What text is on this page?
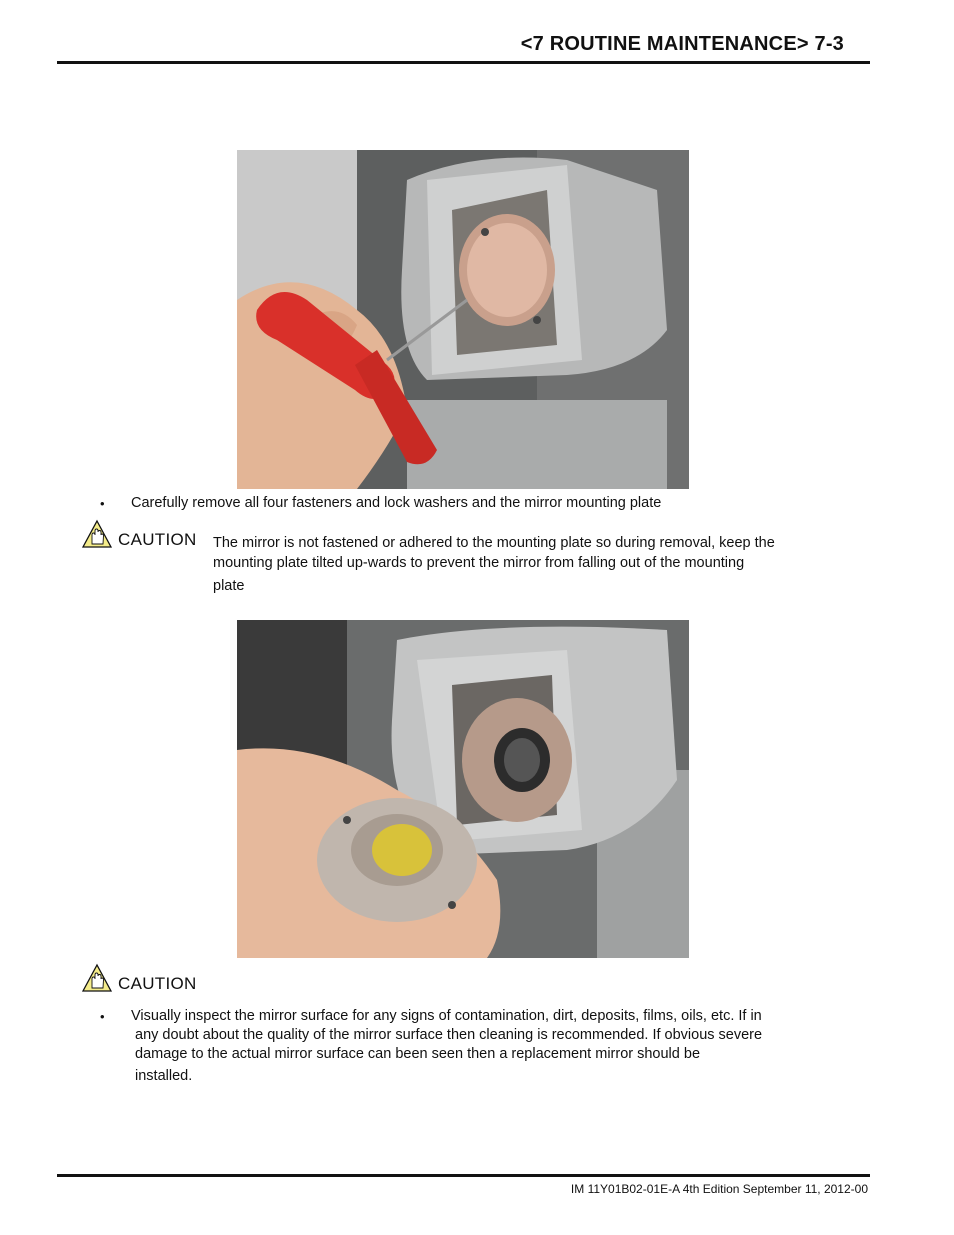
<7 ROUTINE MAINTENANCE> 7-3
• Carefully remove all four fasteners and lock washers and the mirror mounting plate
CAUTION The mirror is not fastened or adhered to the mounting plate so during removal, keep the
mounting plate tilted up-wards to prevent the mirror from falling out of the mounting
plate
CAUTION
• Visually inspect the mirror surface for any signs of contamination, dirt, deposits, films, oils, etc. If in
any doubt about the quality of the mirror surface then cleaning is recommended. If obvious severe
damage to the actual mirror surface can been seen then a replacement mirror should be
installed.
IM 11Y01B02-01E-A 4th Edition September 11, 2012-00
